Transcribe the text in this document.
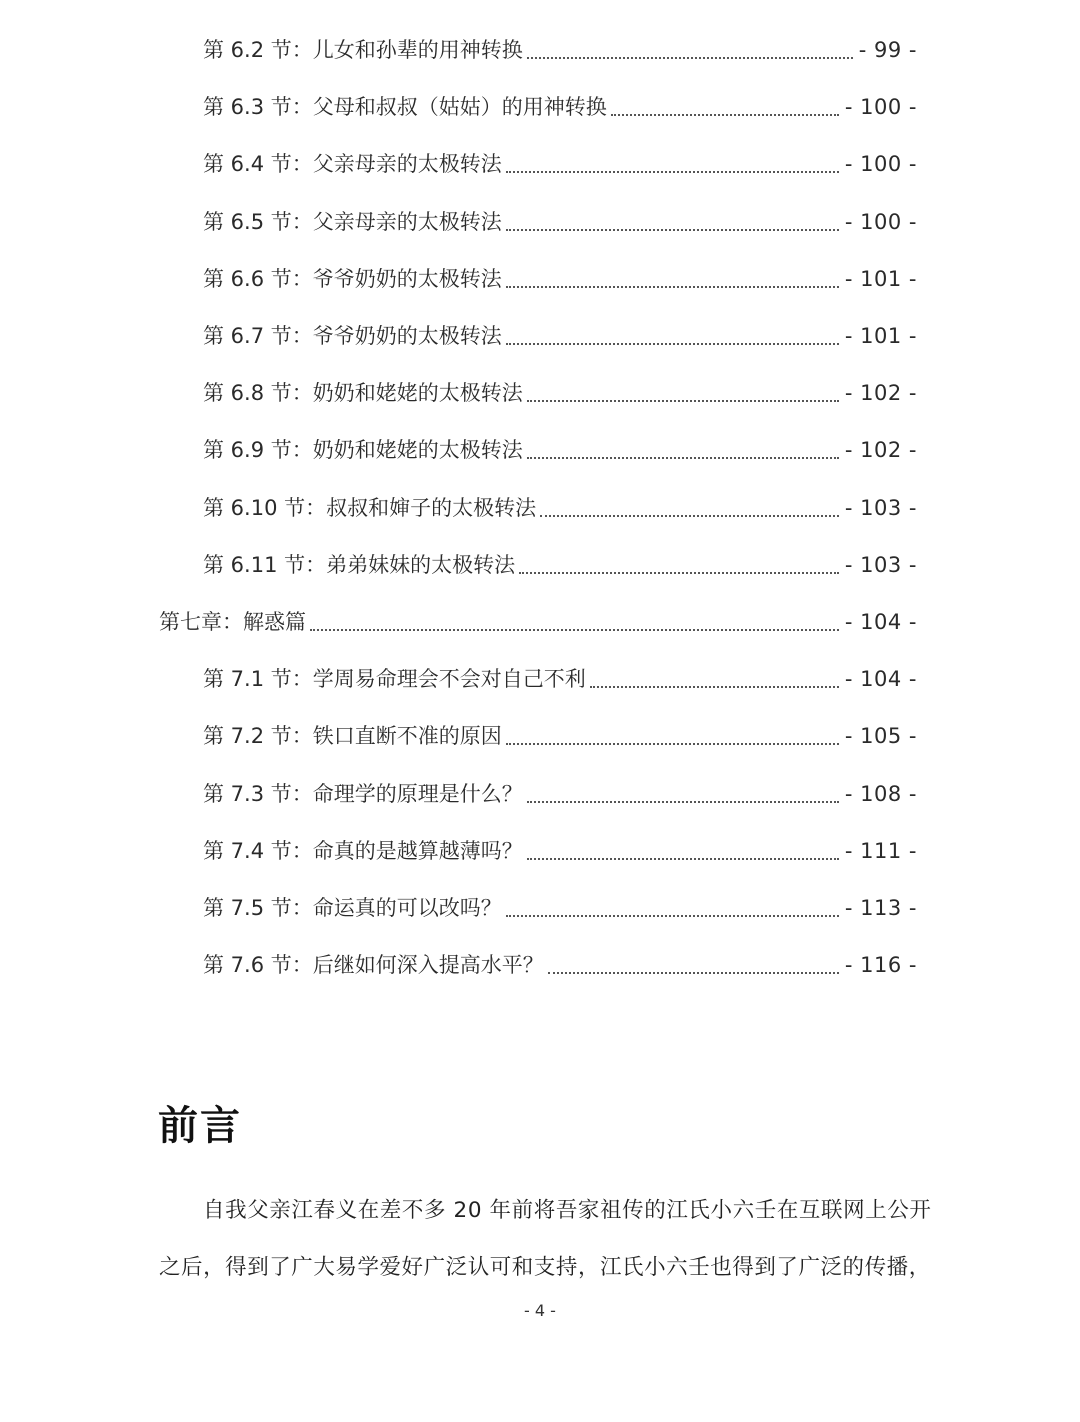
第 6.2 节：儿女和孙辈的用神转换	- 99 -
第 6.3 节：父母和叔叔（姑姑）的用神转换	- 100 -
第 6.4 节：父亲母亲的太极转法	- 100 -
第 6.5 节：父亲母亲的太极转法	- 100 -
第 6.6 节：爷爷奶奶的太极转法	- 101 -
第 6.7 节：爷爷奶奶的太极转法	- 101 -
第 6.8 节：奶奶和姥姥的太极转法	- 102 -
第 6.9 节：奶奶和姥姥的太极转法	- 102 -
第 6.10 节：叔叔和婶子的太极转法	- 103 -
第 6.11 节：弟弟妹妹的太极转法	- 103 -
第七章：解惑篇	- 104 -
第 7.1 节：学周易命理会不会对自己不利	- 104 -
第 7.2 节：铁口直断不准的原因	- 105 -
第 7.3 节：命理学的原理是什么？	- 108 -
第 7.4 节：命真的是越算越薄吗？	- 111 -
第 7.5 节：命运真的可以改吗？	- 113 -
第 7.6 节：后继如何深入提高水平？	- 116 -
前言

自我父亲江春义在差不多 20 年前将吾家祖传的江氏小六壬在互联网上公开

之后，得到了广大易学爱好广泛认可和支持，江氏小六壬也得到了广泛的传播，

- 4 -
